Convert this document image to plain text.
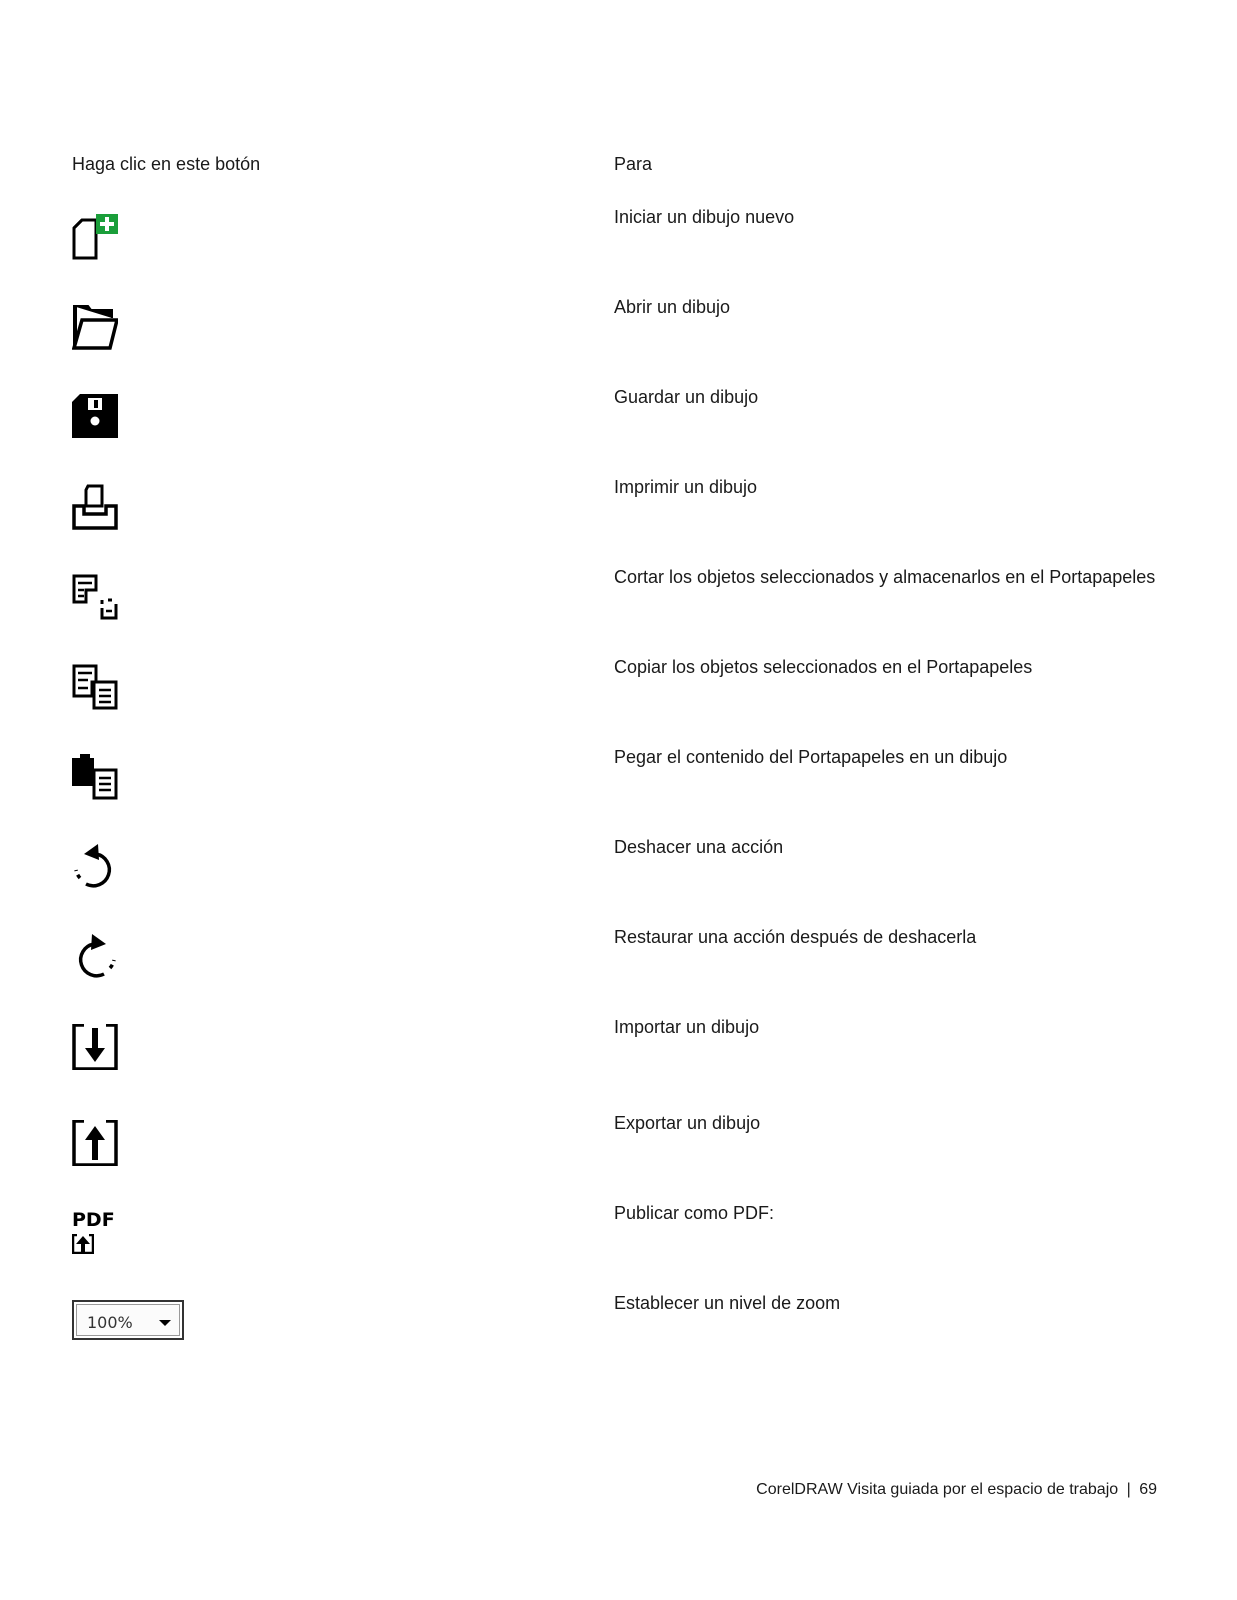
Haga clic en este botón	Para
Iniciar un dibujo nuevo
Abrir un dibujo
Guardar un dibujo
Imprimir un dibujo
Cortar los objetos seleccionados y almacenarlos en el Portapapeles
Copiar los objetos seleccionados en el Portapapeles
Pegar el contenido del Portapapeles en un dibujo
Deshacer una acción
Restaurar una acción después de deshacerla
Importar un dibujo
Exportar un dibujo
PDF	Publicar como PDF:
100%
Establecer un nivel de zoom
CorelDRAW Visita guiada por el espacio de trabajo | 69
